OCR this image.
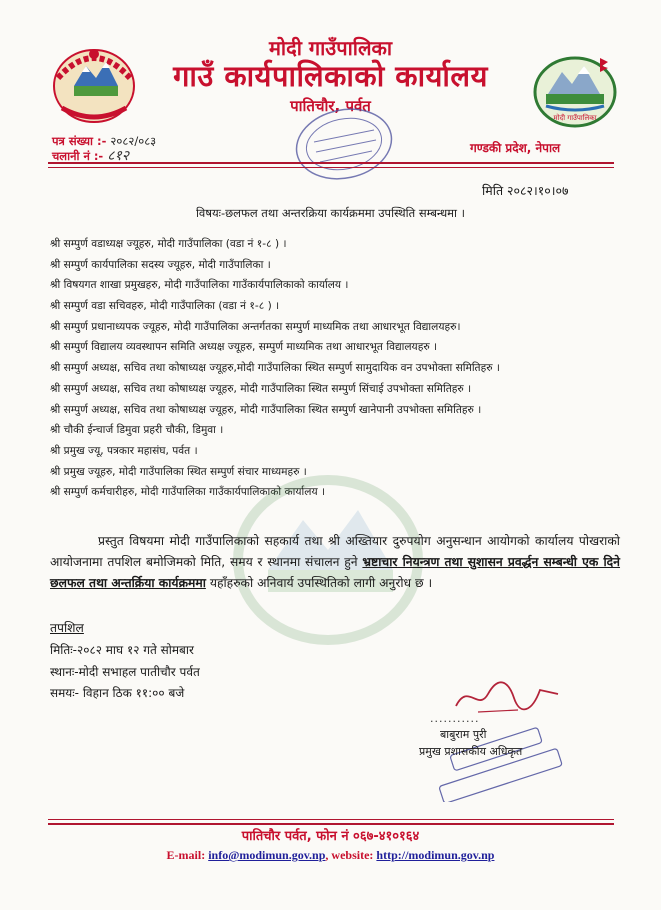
मोदी गाउँपालिका
गाउँ कार्यपालिकाको कार्यालय
पातिचौर, पर्वत
मोदी गाउँपालिका
पत्र संख्या :- २०८२/०८३
चलानी नं :- ८१२	गण्डकी प्रदेश, नेपाल
मिति २०८२।१०।०७
विषयः-छलफल तथा अन्तरक्रिया कार्यक्रममा उपस्थिति सम्बन्धमा ।
श्री सम्पुर्ण वडाध्यक्ष ज्यूहरु, मोदी गाउँपालिका (वडा नं १-८ ) ।
श्री सम्पुर्ण कार्यपालिका सदस्य ज्यूहरु, मोदी गाउँपालिका ।
श्री विषयगत शाखा प्रमुखहरु, मोदी गाउँपालिका गाउँकार्यपालिकाको कार्यालय ।
श्री सम्पुर्ण वडा सचिवहरु, मोदी गाउँपालिका (वडा नं १-८ ) ।
श्री सम्पुर्ण प्रधानाध्यपक ज्यूहरु, मोदी गाउँपालिका अन्तर्गतका सम्पुर्ण माध्यमिक तथा आधारभूत विद्यालयहरु।
श्री सम्पुर्ण विद्यालय व्यवस्थापन समिति अध्यक्ष ज्यूहरु, सम्पुर्ण माध्यमिक तथा आधारभूत विद्यालयहरु ।
श्री सम्पुर्ण अध्यक्ष, सचिव तथा कोषाध्यक्ष ज्यूहरु,मोदी गाउँपालिका स्थित सम्पुर्ण सामुदायिक वन उपभोक्ता समितिहरु ।
श्री सम्पुर्ण अध्यक्ष, सचिव तथा कोषाध्यक्ष ज्यूहरु, मोदी गाउँपालिका स्थित सम्पुर्ण सिंचाई उपभोक्ता समितिहरु ।
श्री सम्पुर्ण अध्यक्ष, सचिव तथा कोषाध्यक्ष ज्यूहरु, मोदी गाउँपालिका स्थित सम्पुर्ण खानेपानी उपभोक्ता समितिहरु ।
श्री चौकी ईन्चार्ज डिमुवा प्रहरी चौकी, डिमुवा ।
श्री प्रमुख ज्यू, पत्रकार महासंघ, पर्वत ।
श्री प्रमुख ज्यूहरु, मोदी गाउँपालिका स्थित सम्पुर्ण संचार माध्यमहरु ।
श्री सम्पुर्ण कर्मचारीहरु, मोदी गाउँपालिका गाउँकार्यपालिकाको कार्यालय ।
प्रस्तुत विषयमा मोदी गाउँपालिकाको सहकार्य तथा श्री अख्तियार दुरुपयोग अनुसन्धान आयोगको कार्यालय पोखराको आयोजनामा तपशिल बमोजिमको मिति, समय र स्थानमा संचालन हुने भ्रष्टाचार नियन्त्रण तथा सुशासन प्रवर्द्धन सम्बन्धी एक दिने छलफल तथा अन्तर्क्रिया कार्यक्रममा यहाँहरुको अनिवार्य उपस्थितिको लागी अनुरोध छ ।
तपशिल
मितिः-२०८२ माघ १२ गते सोमबार
स्थानः-मोदी सभाहल पातीचौर पर्वत
समयः- विहान ठिक ११:०० बजे
...........
बाबुराम पुरी
प्रमुख प्रशासकीय अधिकृत
पातिचौर पर्वत, फोन नं ०६७-४१०१६४
E-mail: info@modimun.gov.np, website: http://modimun.gov.np
